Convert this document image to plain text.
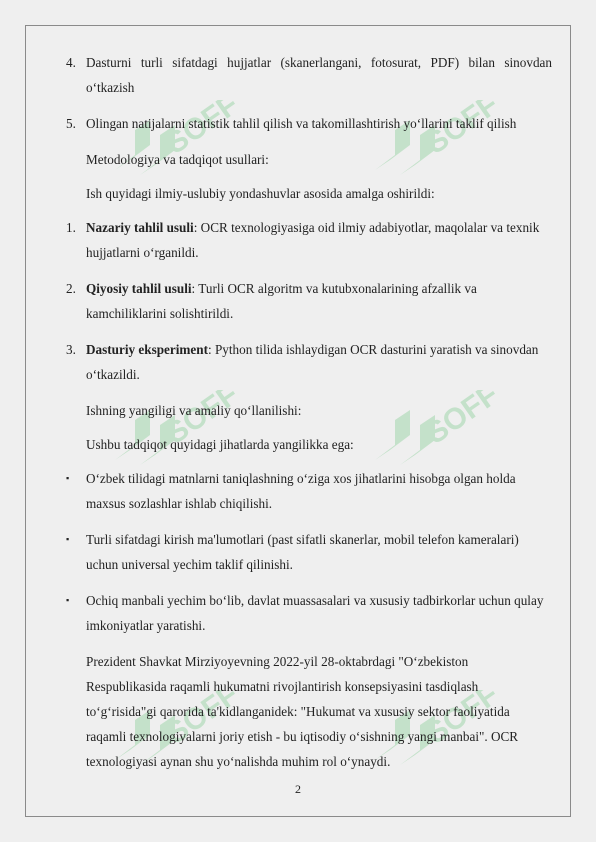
SOFF	SOFF
SOFF	SOFF
SOFF	SOFF
4. Dasturni turli sifatdagi hujjatlar (skanerlangani, fotosurat, PDF) bilan sinovdan o‘tkazish
5. Olingan natijalarni statistik tahlil qilish va takomillashtirish yo‘llarini taklif qilish
Metodologiya va tadqiqot usullari:
Ish quyidagi ilmiy-uslubiy yondashuvlar asosida amalga oshirildi:
1. Nazariy tahlil usuli: OCR texnologiyasiga oid ilmiy adabiyotlar, maqolalar va texnik hujjatlarni o‘rganildi.
2. Qiyosiy tahlil usuli: Turli OCR algoritm va kutubxonalarining afzallik va kamchiliklarini solishtirildi.
3. Dasturiy eksperiment: Python tilida ishlaydigan OCR dasturini yaratish va sinovdan o‘tkazildi.
Ishning yangiligi va amaliy qo‘llanilishi:
Ushbu tadqiqot quyidagi jihatlarda yangilikka ega:
▪	O‘zbek tilidagi matnlarni taniqlashning o‘ziga xos jihatlarini hisobga olgan holda maxsus sozlashlar ishlab chiqilishi.
▪	Turli sifatdagi kirish ma'lumotlari (past sifatli skanerlar, mobil telefon kameralari) uchun universal yechim taklif qilinishi.
▪	Ochiq manbali yechim bo‘lib, davlat muassasalari va xususiy tadbirkorlar uchun qulay imkoniyatlar yaratishi.
Prezident Shavkat Mirziyoyevning 2022-yil 28-oktabrdagi "O‘zbekiston Respublikasida raqamli hukumatni rivojlantirish konsepsiyasini tasdiqlash to‘g‘risida"gi qarorida ta'kidlanganidek: "Hukumat va xususiy sektor faoliyatida raqamli texnologiyalarni joriy etish - bu iqtisodiy o‘sishning yangi manbai". OCR texnologiyasi aynan shu yo‘nalishda muhim rol o‘ynaydi.
2
